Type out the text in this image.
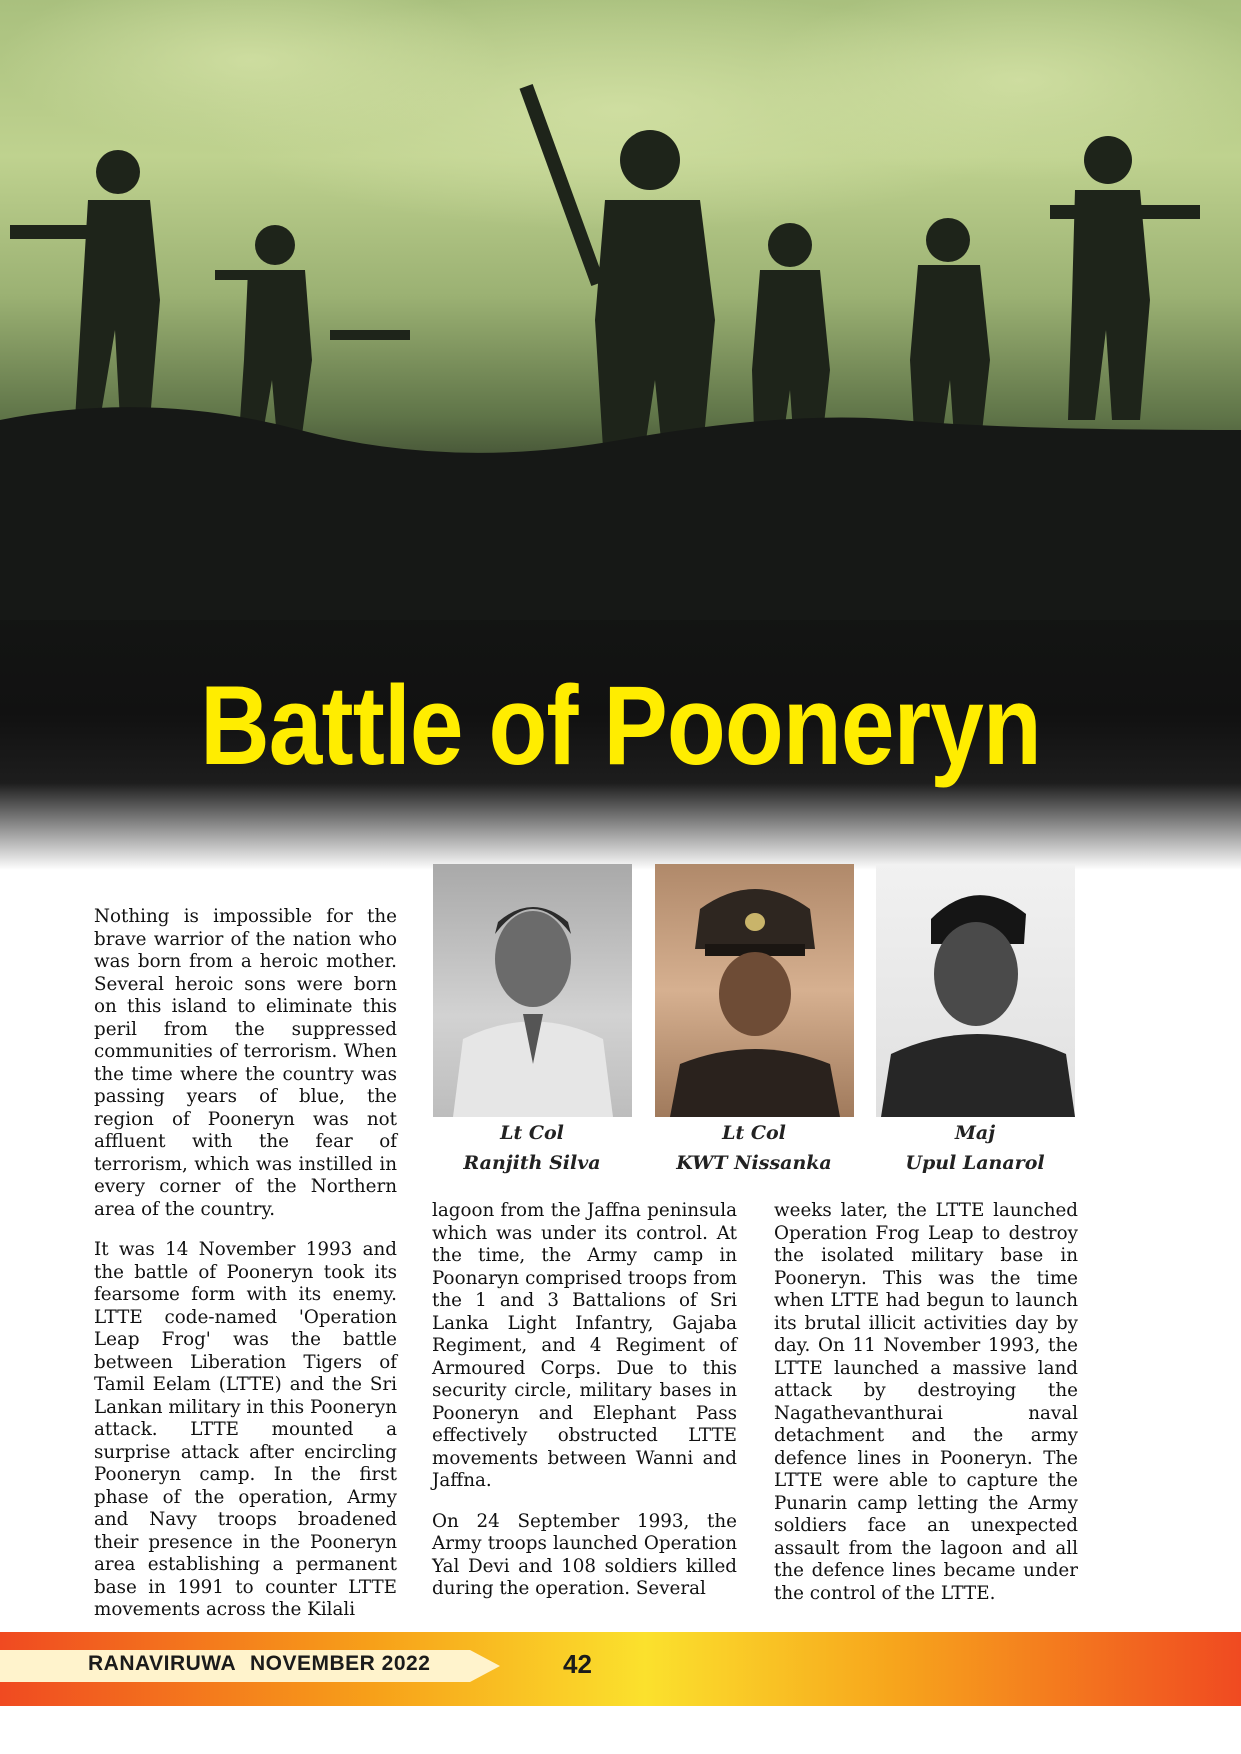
Battle of Pooneryn
Lt Col
Ranjith Silva
Lt Col
KWT Nissanka
Maj
Upul Lanarol

Nothing is impossible for the brave warrior of the nation who was born from a heroic mother. Several heroic sons were born on this island to eliminate this peril from the suppressed communities of terrorism. When the time where the country was passing years of blue, the region of Pooneryn was not affluent with the fear of terrorism, which was instilled in every corner of the Northern area of the country.

It was 14 November 1993 and the battle of Pooneryn took its fearsome form with its enemy. LTTE code-named 'Operation Leap Frog' was the battle between Liberation Tigers of Tamil Eelam (LTTE) and the Sri Lankan military in this Pooneryn attack. LTTE mounted a surprise attack after encircling Pooneryn camp. In the first phase of the operation, Army and Navy troops broadened their presence in the Pooneryn area establishing a permanent base in 1991 to counter LTTE movements across the Kilali

lagoon from the Jaffna peninsula which was under its control. At the time, the Army camp in Poonaryn comprised troops from the 1 and 3 Battalions of Sri Lanka Light Infantry, Gajaba Regiment, and 4 Regiment of Armoured Corps. Due to this security circle, military bases in Pooneryn and Elephant Pass effectively obstructed LTTE movements between Wanni and Jaffna.

On 24 September 1993, the Army troops launched Operation Yal Devi and 108 soldiers killed during the operation. Several

weeks later, the LTTE launched Operation Frog Leap to destroy the isolated military base in Pooneryn. This was the time when LTTE had begun to launch its brutal illicit activities day by day. On 11 November 1993, the LTTE launched a massive land attack by destroying the Nagathevanthurai naval detachment and the army defence lines in Pooneryn. The LTTE were able to capture the Punarin camp letting the Army soldiers face an unexpected assault from the lagoon and all the defence lines became under the control of the LTTE.

RANAVIRUWA NOVEMBER 2022	42
